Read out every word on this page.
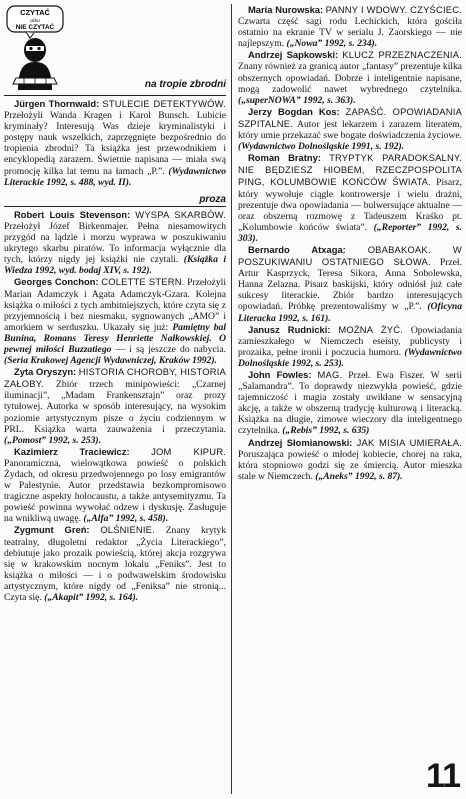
CZYTAĆ
albo
NIE CZYTAĆ
na tropie zbrodni

Jürgen Thornwald: STULECIE DETEKTYWÓW. Przełożyli Wanda Kragen i Karol Bunsch. Lubicie kryminały? Interesują Was dzieje kryminalistyki i postępy nauk wszelkich, zaprzęgnięte bezpośrednio do tropienia zbrodni? Ta książka jest przewodnikiem i encyklopedią zarazem. Świetnie napisana — miała swą promocję kilka lat temu na łamach „P.”. (Wydawnictwo Literackie 1992, s. 488, wyd. II).

proza

Robert Louis Stevenson: WYSPA SKARBÓW. Przełożył Józef Birkenmajer. Pełna niesamowitych przygód na lądzie i morzu wyprawa w poszukiwaniu ukrytego skarbu piratów. To informacja wyłącznie dla tych, którzy nigdy jej książki nie czytali. (Książka i Wiedza 1992, wyd. bodaj XIV, s. 192).

Georges Conchon: COLETTE STERN. Przełożyli Marian Adamczyk i Agata Adamczyk-Gzara. Kolejna książka o miłości z tych ambitniejszych, które czyta się z przyjemnością i bez niesmaku, sygnowanych „AMO” i amorkiem w serduszku. Ukazały się już: Pamiętny bal Bunina, Romans Teresy Henriette Nałkowskiej. O pewnej miłości Buzzatiego — i są jeszcze do nabycia. (Seria Krakowej Agencji Wydawniczej, Kraków 1992).

Zyta Oryszyn: HISTORIA CHOROBY, HISTORIA ZAŁOBY. Zbiór trzech minipowieści: „Czarnej iluminacji”, „Madam Frankensztajn” oraz prozy tytułowej. Autorka w sposób interesujący, na wysokim poziomie artystycznym pisze o życiu codziennym w PRL. Książka warta zauważenia i przeczytania. („Pomost” 1992, s. 253).

Kazimierz Traciewicz: JOM KIPUR. Panoramiczna, wielowątkowa powieść o polskich Żydach, od okresu przedwojennego po losy emigrantów w Palestynie. Autor przedstawia bezkompromisowo tragiczne aspekty holocaustu, a także antysemityzmu. Ta powieść powinna wywołać odzew i dyskusję. Zasługuje na wnikliwą uwagę. („Alfa” 1992, s. 458).

Zygmunt Greń: OLŚNIENIE. Znany krytyk teatralny, długoletni redaktor „Życia Literackiego”, debiutuje jako prozaik powieścią, której akcja rozgrywa się w krakowskim nocnym lokalu „Feniks”. Jest to książka o miłości — i o podwawelskim środowisku artystycznym, które nigdy od „Feniksa” nie stronią... Czyta się. („Akapit” 1992, s. 164).

Maria Nurowska: PANNY I WDOWY. CZYŚCIEC. Czwarta część sagi rodu Lechickich, która gościła ostatnio na ekranie TV w serialu J. Zaorskiego — nie najlepszym. („Nowa” 1992, s. 234).

Andrzej Sapkowski: KLUCZ PRZEZNACZENIA. Znany również za granicą autor „fantasy” prezentuje kilka obszernych opowiadań. Dobrze i inteligentnie napisane, mogą zadowolić nawet wybrednego czytelnika. („superNOWA” 1992, s. 363).

Jerzy Bogdan Kos: ZAPAŚĆ. OPOWIADANIA SZPITALNE. Autor jest lekarzem i zarazem literatem, który umie przekazać swe bogate doświadczenia życiowe. (Wydawnictwo Dolnośląskie 1991, s. 192).

Roman Bratny: TRYPTYK PARADOKSALNY. NIE BĘDZIESZ HIOBEM, RZECZPOSPOLITA PING, KOLUMBOWIE KOŃCÓW ŚWIATA. Pisarz, który wywołuje ciągle kontrowersje i wielu drażni, prezentuje dwa opowiadania — bulwersujące aktualne — oraz obszerną rozmowę z Tadeuszem Kraśko pt. „Kolumbowie końców świata”. („Reporter” 1992, s. 303).

Bernardo Atxaga: OBABAKOAK. W POSZUKIWANIU OSTATNIEGO SŁOWA. Przeł. Artur Kasprzyck, Teresa Sikora, Anna Sobolewska, Hanna Zelazna. Pisarz baskijski, który odniósł już całe sukcesy literackie. Zbiór bardzo interesujących opowiadań. Próbkę prezentowaliśmy w „P.”. (Oficyna Literacka 1992, s. 161).

Janusz Rudnicki: MOŻNA ŻYĆ. Opowiadania zamieszkałego w Niemczech eseisty, publicysty i prozaika, pełne ironii i poczucia humoru. (Wydawnictwo Dolnośląskie 1992, s. 253).

John Fowles: MAG. Przeł. Ewa Fiszer. W serii „Salamandra”. To doprawdy niezwykła powieść, gdzie tajemniczość i magia zostały uwikłane w sensacyjną akcję, a także w obszerną tradycję kulturową i literacką. Książka na długie, zimowe wieczory dla inteligentnego czytelnika. („Rebis” 1992, s. 635)

Andrzej Słomianowski: JAK MISIA UMIERAŁA. Poruszająca powieść o młodej kobiecie, chorej na raka, która stopniowo godzi się ze śmiercią. Autor mieszka stale w Niemczech. („Aneks” 1992, s. 87).

11
